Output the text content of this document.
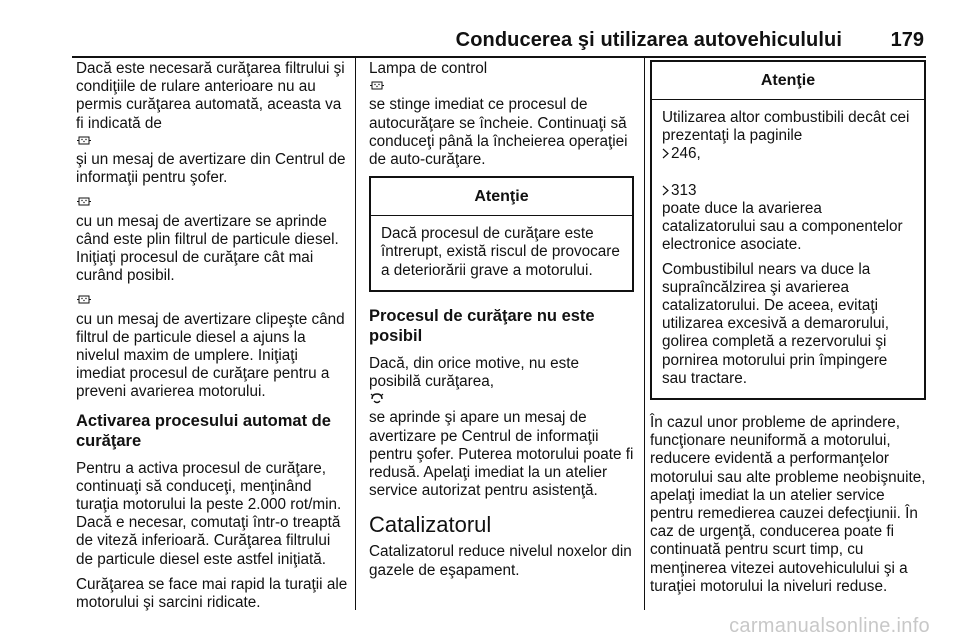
Conducerea şi utilizarea autovehiculului 179

Dacă este necesară curăţarea filtrului şi condiţiile de rulare anterioare nu au permis curăţarea automată, aceasta va fi indicată de

şi un mesaj de avertizare din Centrul de informaţii pentru şofer.

cu un mesaj de avertizare se aprinde când este plin filtrul de particule diesel. Iniţiaţi procesul de curăţare cât mai curând posibil.

cu un mesaj de avertizare clipeşte când filtrul de particule diesel a ajuns la nivelul maxim de umplere. Iniţiaţi imediat procesul de curăţare pentru a preveni avarierea motorului.

Activarea procesului automat de curăţare

Pentru a activa procesul de curăţare, continuaţi să conduceţi, menţinând turaţia motorului la peste 2.000 rot/min. Dacă e necesar, comutaţi într-o treaptă de viteză inferioară. Curăţarea filtrului de particule diesel este astfel iniţiată.

Curăţarea se face mai rapid la turaţii ale motorului şi sarcini ridicate.

Lampa de control

se stinge imediat ce procesul de autocurăţare se încheie. Continuaţi să conduceţi până la încheierea operaţiei de auto-curăţare.

Atenţie

Dacă procesul de curăţare este întrerupt, există riscul de provocare a deteriorării grave a motorului.

Procesul de curăţare nu este posibil

Dacă, din orice motive, nu este posibilă curăţarea,

se aprinde şi apare un mesaj de avertizare pe Centrul de informaţii pentru şofer. Puterea motorului poate fi redusă. Apelaţi imediat la un atelier service autorizat pentru asistenţă.

Catalizatorul

Catalizatorul reduce nivelul noxelor din gazele de eşapament.

Atenţie

Utilizarea altor combustibili decât cei prezentaţi la paginile
246,

313
poate duce la avarierea catalizatorului sau a componentelor electronice asociate.

Combustibilul nears va duce la supraîncălzirea şi avarierea catalizatorului. De aceea, evitaţi utilizarea excesivă a demarorului, golirea completă a rezervorului şi pornirea motorului prin împingere sau tractare.

În cazul unor probleme de aprindere, funcţionare neuniformă a motorului, reducere evidentă a performanţelor motorului sau alte probleme neobişnuite, apelaţi imediat la un atelier service pentru remedierea cauzei defecţiunii. În caz de urgenţă, conducerea poate fi continuată pentru scurt timp, cu menţinerea vitezei autovehiculului şi a turaţiei motorului la niveluri reduse.

carmanualsonline.info
